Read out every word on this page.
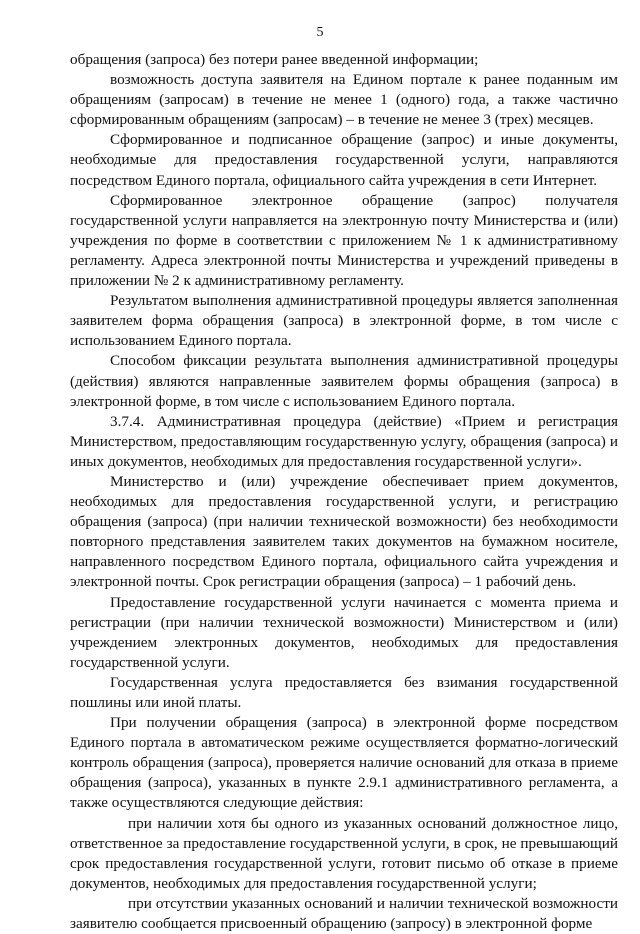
5

обращения (запроса) без потери ранее введенной информации;

возможность доступа заявителя на Едином портале к ранее поданным им обращениям (запросам) в течение не менее 1 (одного) года, а также частично сформированным обращениям (запросам) – в течение не менее 3 (трех) месяцев.

Сформированное и подписанное обращение (запрос) и иные документы, необходимые для предоставления государственной услуги, направляются посредством Единого портала, официального сайта учреждения в сети Интернет.

Сформированное электронное обращение (запрос) получателя государственной услуги направляется на электронную почту Министерства и (или) учреждения по форме в соответствии с приложением № 1 к административному регламенту. Адреса электронной почты Министерства и учреждений приведены в приложении № 2 к административному регламенту.

Результатом выполнения административной процедуры является заполненная заявителем форма обращения (запроса) в электронной форме, в том числе с использованием Единого портала.

Способом фиксации результата выполнения административной процедуры (действия) являются направленные заявителем формы обращения (запроса) в электронной форме, в том числе с использованием Единого портала.

3.7.4. Административная процедура (действие) «Прием и регистрация Министерством, предоставляющим государственную услугу, обращения (запроса) и иных документов, необходимых для предоставления государственной услуги».

Министерство и (или) учреждение обеспечивает прием документов, необходимых для предоставления государственной услуги, и регистрацию обращения (запроса) (при наличии технической возможности) без необходимости повторного представления заявителем таких документов на бумажном носителе, направленного посредством Единого портала, официального сайта учреждения и электронной почты. Срок регистрации обращения (запроса) – 1 рабочий день.

Предоставление государственной услуги начинается с момента приема и регистрации (при наличии технической возможности) Министерством и (или) учреждением электронных документов, необходимых для предоставления государственной услуги.

Государственная услуга предоставляется без взимания государственной пошлины или иной платы.

При получении обращения (запроса) в электронной форме посредством Единого портала в автоматическом режиме осуществляется форматно-логический контроль обращения (запроса), проверяется наличие оснований для отказа в приеме обращения (запроса), указанных в пункте 2.9.1 административного регламента, а также осуществляются следующие действия:

при наличии хотя бы одного из указанных оснований должностное лицо, ответственное за предоставление государственной услуги, в срок, не превышающий срок предоставления государственной услуги, готовит письмо об отказе в приеме документов, необходимых для предоставления государственной услуги;

при отсутствии указанных оснований и наличии технической возможности заявителю сообщается присвоенный обращению (запросу) в электронной форме
